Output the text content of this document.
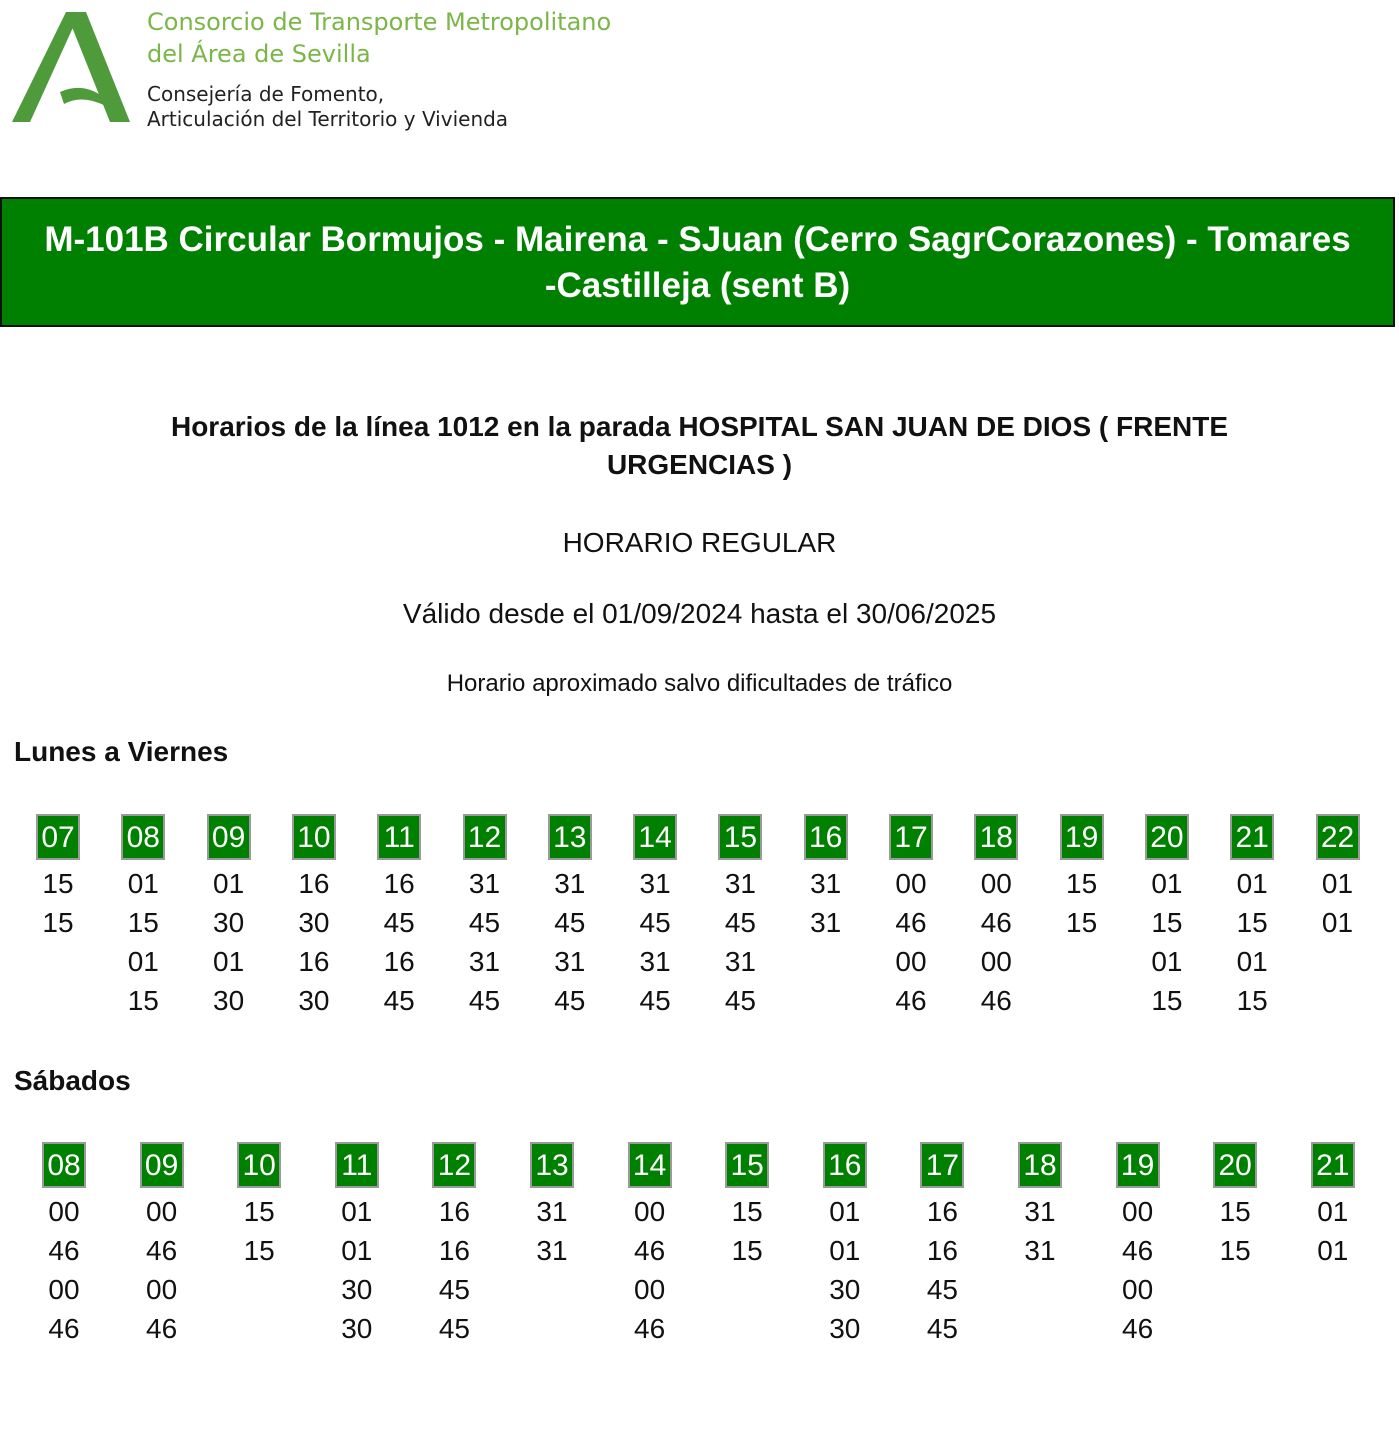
Consorcio de Transporte Metropolitano
del Área de Sevilla
Consejería de Fomento,
Articulación del Territorio y Vivienda
M-101B Circular Bormujos - Mairena - SJuan (Cerro SagrCorazones) - Tomares
-Castilleja (sent B)
Horarios de la línea 1012 en la parada HOSPITAL SAN JUAN DE DIOS ( FRENTE
URGENCIAS )
HORARIO REGULAR
Válido desde el 01/09/2024 hasta el 30/06/2025
Horario aproximado salvo dificultades de tráfico
Lunes a Viernes
07
15
15
08
01
15
01
15
09
01
30
01
30
10
16
30
16
30
11
16
45
16
45
12
31
45
31
45
13
31
45
31
45
14
31
45
31
45
15
31
45
31
45
16
31
31
17
00
46
00
46
18
00
46
00
46
19
15
15
20
01
15
01
15
21
01
15
01
15
22
01
01
Sábados
08
00
46
00
46
09
00
46
00
46
10
15
15
11
01
01
30
30
12
16
16
45
45
13
31
31
14
00
46
00
46
15
15
15
16
01
01
30
30
17
16
16
45
45
18
31
31
19
00
46
00
46
20
15
15
21
01
01
